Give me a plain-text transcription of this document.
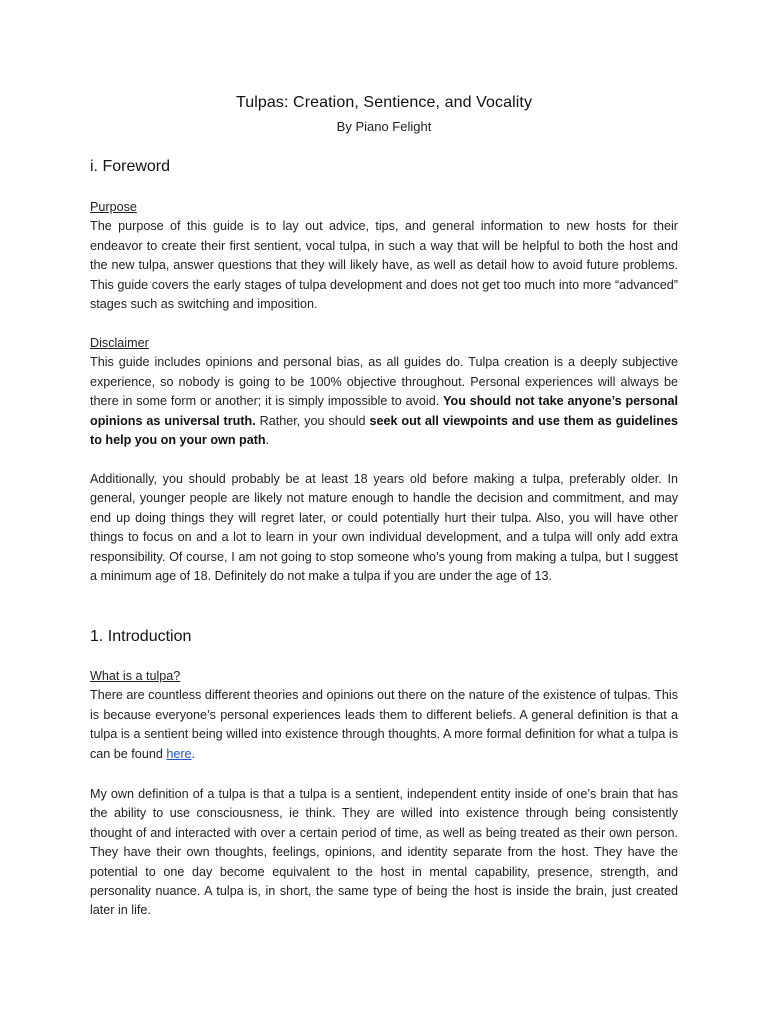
Tulpas: Creation, Sentience, and Vocality
By Piano Felight
i. Foreword
Purpose

The purpose of this guide is to lay out advice, tips, and general information to new hosts for their endeavor to create their first sentient, vocal tulpa, in such a way that will be helpful to both the host and the new tulpa, answer questions that they will likely have, as well as detail how to avoid future problems. This guide covers the early stages of tulpa development and does not get too much into more “advanced” stages such as switching and imposition.

Disclaimer

This guide includes opinions and personal bias, as all guides do. Tulpa creation is a deeply subjective experience, so nobody is going to be 100% objective throughout. Personal experiences will always be there in some form or another; it is simply impossible to avoid. You should not take anyone’s personal opinions as universal truth. Rather, you should seek out all viewpoints and use them as guidelines to help you on your own path.

Additionally, you should probably be at least 18 years old before making a tulpa, preferably older. In general, younger people are likely not mature enough to handle the decision and commitment, and may end up doing things they will regret later, or could potentially hurt their tulpa. Also, you will have other things to focus on and a lot to learn in your own individual development, and a tulpa will only add extra responsibility. Of course, I am not going to stop someone who’s young from making a tulpa, but I suggest a minimum age of 18. Definitely do not make a tulpa if you are under the age of 13.

1. Introduction
What is a tulpa?

There are countless different theories and opinions out there on the nature of the existence of tulpas. This is because everyone’s personal experiences leads them to different beliefs. A general definition is that a tulpa is a sentient being willed into existence through thoughts. A more formal definition for what a tulpa is can be found here.

My own definition of a tulpa is that a tulpa is a sentient, independent entity inside of one’s brain that has the ability to use consciousness, ie think. They are willed into existence through being consistently thought of and interacted with over a certain period of time, as well as being treated as their own person. They have their own thoughts, feelings, opinions, and identity separate from the host. They have the potential to one day become equivalent to the host in mental capability, presence, strength, and personality nuance. A tulpa is, in short, the same type of being the host is inside the brain, just created later in life.
